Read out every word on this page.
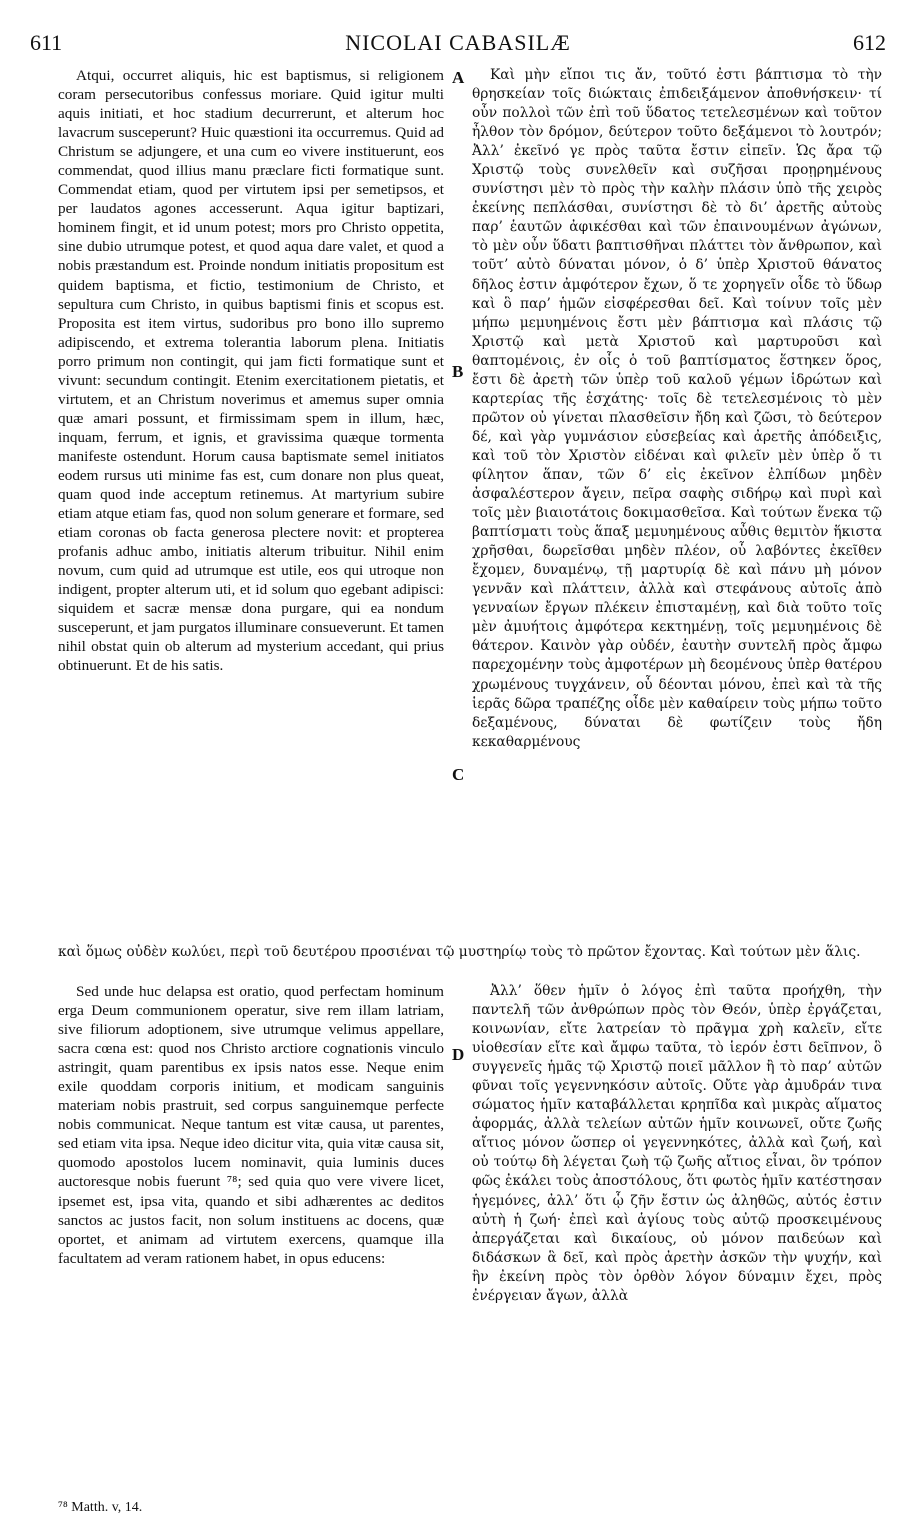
611	NICOLAI CABASILÆ	612

Atqui, occurret aliquis, hic est baptismus, si religionem coram persecutoribus confessus moriare. Quid igitur multi aquis initiati, et hoc stadium decurrerunt, et alterum hoc lavacrum susceperunt? Huic quæstioni ita occurremus. Quid ad Christum se adjungere, et una cum eo vivere instituerunt, eos commendat, quod illius manu præclare ficti formatique sunt. Commendat etiam, quod per virtutem ipsi per semetipsos, et per laudatos agones accesserunt. Aqua igitur baptizari, hominem fingit, et id unum potest; mors pro Christo oppetita, sine dubio utrumque potest, et quod aqua dare valet, et quod a nobis præstandum est. Proinde nondum initiatis propositum est quidem baptisma, et fictio, testimonium de Christo, et sepultura cum Christo, in quibus baptismi finis et scopus est. Proposita est item virtus, sudoribus pro bono illo supremo adipiscendo, et extrema tolerantia laborum plena. Initiatis porro primum non contingit, qui jam ficti formatique sunt et vivunt: secundum contingit. Etenim exercitationem pietatis, et virtutem, et an Christum noverimus et amemus super omnia quæ amari possunt, et firmissimam spem in illum, hæc, inquam, ferrum, et ignis, et gravissima quæque tormenta manifeste ostendunt. Horum causa baptismate semel initiatos eodem rursus uti minime fas est, cum donare non plus queat, quam quod inde acceptum retinemus. At martyrium subire etiam atque etiam fas, quod non solum generare et formare, sed etiam coronas ob facta generosa plectere novit: et propterea profanis adhuc ambo, initiatis alterum tribuitur. Nihil enim novum, cum quid ad utrumque est utile, eos qui utroque non indigent, propter alterum uti, et id solum quo egebant adipisci: siquidem et sacræ mensæ dona purgare, qui ea nondum susceperunt, et jam purgatos illuminare consueverunt. Et tamen nihil obstat quin ob alterum ad mysterium accedant, qui prius obtinuerunt. Et de his satis.

Καὶ μὴν εἴποι τις ἄν, τοῦτό ἐστι βάπτισμα τὸ τὴν θρησκείαν τοῖς διώκταις ἐπιδειξάμενον ἀποθνήσκειν· τί οὖν πολλοὶ τῶν ἐπὶ τοῦ ὕδατος τετελεσμένων καὶ τοῦτον ἦλθον τὸν δρόμον, δεύτερον τοῦτο δεξάμενοι τὸ λουτρόν; Ἀλλ’ ἐκεῖνό γε πρὸς ταῦτα ἔστιν εἰπεῖν. Ὡς ἄρα τῷ Χριστῷ τοὺς συνελθεῖν καὶ συζῆσαι προῃρημένους συνίστησι μὲν τὸ πρὸς τὴν καλὴν πλάσιν ὑπὸ τῆς χειρὸς ἐκείνης πεπλάσθαι, συνίστησι δὲ τὸ δι’ ἀρετῆς αὐτοὺς παρ’ ἑαυτῶν ἀφικέσθαι καὶ τῶν ἐπαινουμένων ἀγώνων, τὸ μὲν οὖν ὕδατι βαπτισθῆναι πλάττει τὸν ἄνθρωπον, καὶ τοῦτ’ αὐτὸ δύναται μόνον, ὁ δ’ ὑπὲρ Χριστοῦ θάνατος δῆλος ἐστιν ἀμφότερον ἔχων, ὅ τε χορηγεῖν οἶδε τὸ ὕδωρ καὶ ὃ παρ’ ἡμῶν εἰσφέρεσθαι δεῖ. Καὶ τοίνυν τοῖς μὲν μήπω μεμυημένοις ἔστι μὲν βάπτισμα καὶ πλάσις τῷ Χριστῷ καὶ μετὰ Χριστοῦ καὶ μαρτυροῦσι καὶ θαπτομένοις, ἐν οἷς ὁ τοῦ βαπτίσματος ἕστηκεν ὅρος, ἔστι δὲ ἀρετὴ τῶν ὑπὲρ τοῦ καλοῦ γέμων ἱδρώτων καὶ καρτερίας τῆς ἐσχάτης· τοῖς δὲ τετελεσμένοις τὸ μὲν πρῶτον οὐ γίνεται πλασθεῖσιν ἤδη καὶ ζῶσι, τὸ δεύτερον δέ, καὶ γὰρ γυμνάσιον εὐσεβείας καὶ ἀρετῆς ἀπόδειξις, καὶ τοῦ τὸν Χριστὸν εἰδέναι καὶ φιλεῖν μὲν ὑπὲρ ὅ τι φίλητον ἅπαν, τῶν δ’ εἰς ἐκεῖνον ἐλπίδων μηδὲν ἀσφαλέστερον ἄγειν, πεῖρα σαφὴς σιδήρῳ καὶ πυρὶ καὶ τοῖς μὲν βιαιοτάτοις δοκιμασθεῖσα. Καὶ τούτων ἕνεκα τῷ βαπτίσματι τοὺς ἅπαξ μεμυημένους αὖθις θεμιτὸν ἥκιστα χρῆσθαι, δωρεῖσθαι μηδὲν πλέον, οὗ λαβόντες ἐκεῖθεν ἔχομεν, δυναμένῳ, τῇ μαρτυρίᾳ δὲ καὶ πάνυ μὴ μόνον γεννᾶν καὶ πλάττειν, ἀλλὰ καὶ στεφάνους αὐτοῖς ἀπὸ γενναίων ἔργων πλέκειν ἐπισταμένῃ, καὶ διὰ τοῦτο τοῖς μὲν ἀμυήτοις ἀμφότερα κεκτημένῃ, τοῖς μεμυημένοις δὲ θάτερον. Καινὸν γὰρ οὐδέν, ἑαυτὴν συντελῆ πρὸς ἄμφω παρεχομένην τοὺς ἀμφοτέρων μὴ δεομένους ὑπὲρ θατέρου χρωμένους τυγχάνειν, οὗ δέονται μόνου, ἐπεὶ καὶ τὰ τῆς ἱερᾶς δῶρα τραπέζης οἶδε μὲν καθαίρειν τοὺς μήπω τοῦτο δεξαμένους, δύναται δὲ φωτίζειν τοὺς ἤδη κεκαθαρμένους

A
B
C
D
καὶ ὅμως οὐδὲν κωλύει, περὶ τοῦ δευτέρου προσιέναι τῷ μυστηρίῳ τοὺς τὸ πρῶτον ἔχοντας. Καὶ τούτων μὲν ἅλις.

Sed unde huc delapsa est oratio, quod perfectam hominum erga Deum communionem operatur, sive rem illam latriam, sive filiorum adoptionem, sive utrumque velimus appellare, sacra cœna est: quod nos Christo arctiore cognationis vinculo astringit, quam parentibus ex ipsis natos esse. Neque enim exile quoddam corporis initium, et modicam sanguinis materiam nobis prastruit, sed corpus sanguinemque perfecte nobis communicat. Neque tantum est vitæ causa, ut parentes, sed etiam vita ipsa. Neque ideo dicitur vita, quia vitæ causa sit, quomodo apostolos lucem nominavit, quia luminis duces auctoresque nobis fuerunt ⁷⁸; sed quia quo vere vivere licet, ipsemet est, ipsa vita, quando et sibi adhærentes ac deditos sanctos ac justos facit, non solum instituens ac docens, quæ oportet, et animam ad virtutem exercens, quamque illa facultatem ad veram rationem habet, in opus educens:

Ἀλλ’ ὅθεν ἡμῖν ὁ λόγος ἐπὶ ταῦτα προήχθη, τὴν παντελῆ τῶν ἀνθρώπων πρὸς τὸν Θεόν, ὑπὲρ ἐργάζεται, κοινωνίαν, εἴτε λατρείαν τὸ πρᾶγμα χρὴ καλεῖν, εἴτε υἱοθεσίαν εἴτε καὶ ἄμφω ταῦτα, τὸ ἱερόν ἐστι δεῖπνον, ὃ συγγενεῖς ἡμᾶς τῷ Χριστῷ ποιεῖ μᾶλλον ἢ τὸ παρ’ αὐτῶν φῦναι τοῖς γεγεννηκόσιν αὐτοῖς. Οὔτε γὰρ ἀμυδράν τινα σώματος ἡμῖν καταβάλλεται κρηπῖδα καὶ μικρὰς αἵματος ἀφορμάς, ἀλλὰ τελείων αὐτῶν ἡμῖν κοινωνεῖ, οὔτε ζωῆς αἴτιος μόνον ὥσπερ οἱ γεγεννηκότες, ἀλλὰ καὶ ζωή, καὶ οὐ τούτῳ δὴ λέγεται ζωὴ τῷ ζωῆς αἴτιος εἶναι, ὃν τρόπον φῶς ἐκάλει τοὺς ἀποστόλους, ὅτι φωτὸς ἡμῖν κατέστησαν ἡγεμόνες, ἀλλ’ ὅτι ᾧ ζῆν ἔστιν ὡς ἀληθῶς, αὐτός ἐστιν αὐτὴ ἡ ζωή· ἐπεὶ καὶ ἁγίους τοὺς αὐτῷ προσκειμένους ἀπεργάζεται καὶ δικαίους, οὐ μόνον παιδεύων καὶ διδάσκων ἃ δεῖ, καὶ πρὸς ἀρετὴν ἀσκῶν τὴν ψυχήν, καὶ ἣν ἐκείνη πρὸς τὸν ὀρθὸν λόγον δύναμιν ἔχει, πρὸς ἐνέργειαν ἄγων, ἀλλὰ

⁷⁸ Matth. v, 14.
